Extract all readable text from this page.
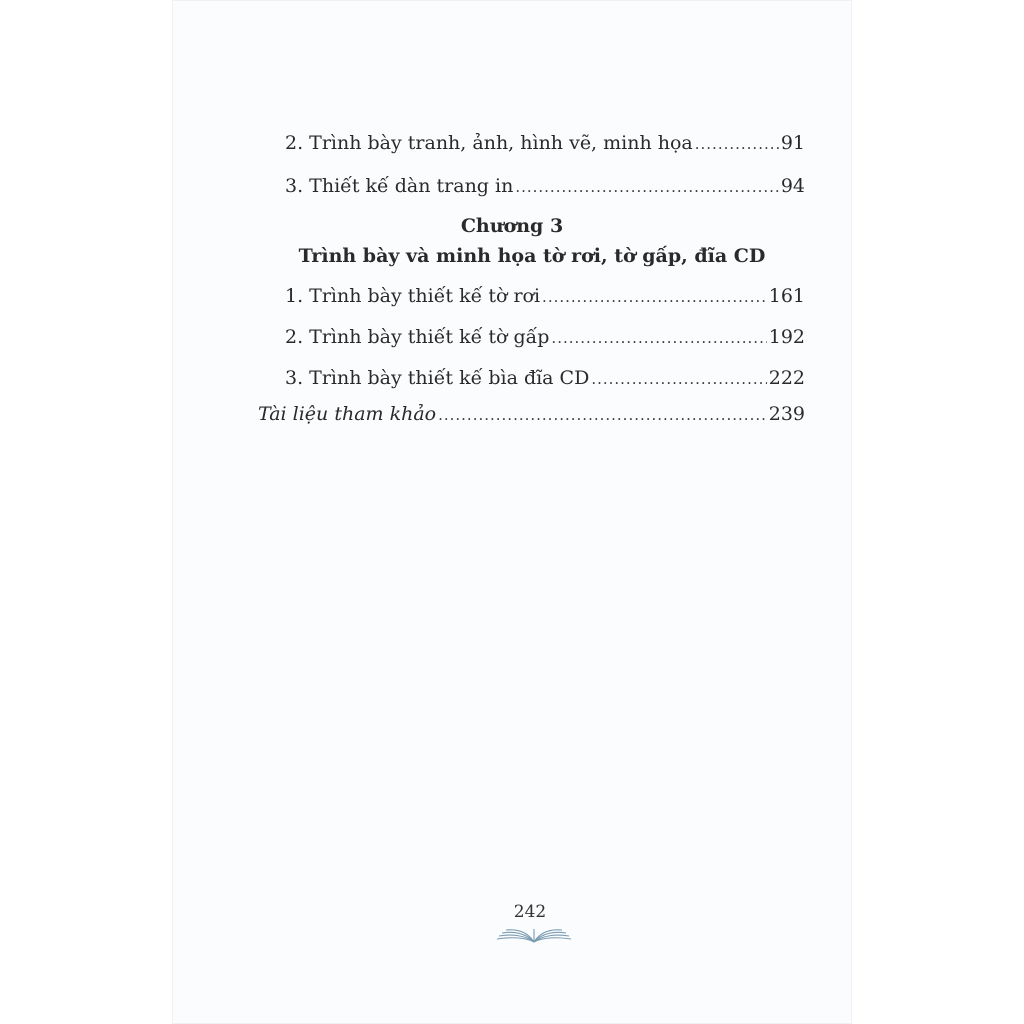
2. Trình bày tranh, ảnh, hình vẽ, minh họa .....	91
3. Thiết kế dàn trang in .....	94
Chương 3
Trình bày và minh họa tờ rơi, tờ gấp, đĩa CD
1. Trình bày thiết kế tờ rơi .....	161
2. Trình bày thiết kế tờ gấp .....	192
3. Trình bày thiết kế bìa đĩa CD .....	222
Tài liệu tham khảo .....	239
242
